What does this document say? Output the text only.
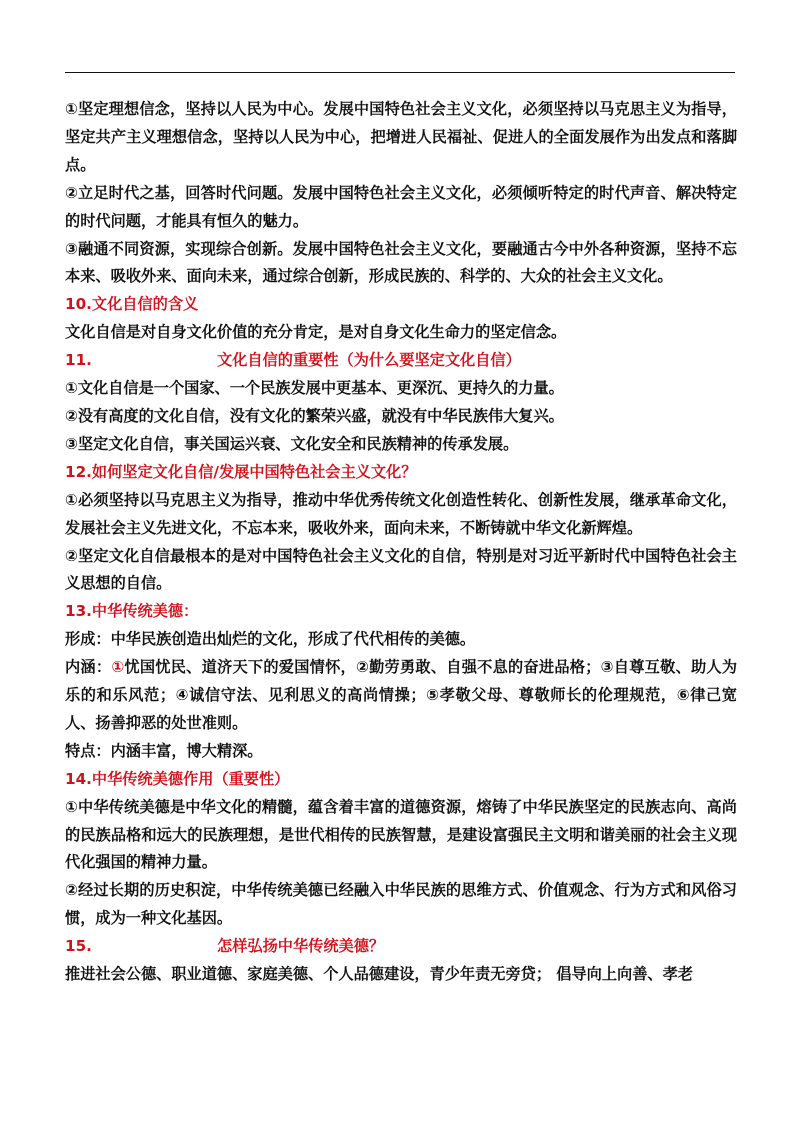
①坚定理想信念，坚持以人民为中心。发展中国特色社会主义文化，必须坚持以马克思主义为指导，坚定共产主义理想信念，坚持以人民为中心，把增进人民福祉、促进人的全面发展作为出发点和落脚点。

②立足时代之基，回答时代问题。发展中国特色社会主义文化，必须倾听特定的时代声音、解决特定的时代问题，才能具有恒久的魅力。

③融通不同资源，实现综合创新。发展中国特色社会主义文化，要融通古今中外各种资源，坚持不忘本来、吸收外来、面向未来，通过综合创新，形成民族的、科学的、大众的社会主义文化。

10.文化自信的含义

文化自信是对自身文化价值的充分肯定，是对自身文化生命力的坚定信念。

11.	文化自信的重要性（为什么要坚定文化自信）

①文化自信是一个国家、一个民族发展中更基本、更深沉、更持久的力量。

②没有高度的文化自信，没有文化的繁荣兴盛，就没有中华民族伟大复兴。

③坚定文化自信，事关国运兴衰、文化安全和民族精神的传承发展。

12.如何坚定文化自信/发展中国特色社会主义文化？

①必须坚持以马克思主义为指导，推动中华优秀传统文化创造性转化、创新性发展，继承革命文化，发展社会主义先进文化，不忘本来，吸收外来，面向未来，不断铸就中华文化新辉煌。

②坚定文化自信最根本的是对中国特色社会主义文化的自信，特别是对习近平新时代中国特色社会主义思想的自信。

13.中华传统美德：

形成：中华民族创造出灿烂的文化，形成了代代相传的美德。

内涵：①忧国忧民、道济天下的爱国情怀，②勤劳勇敢、自强不息的奋进品格；③自尊互敬、助人为乐的和乐风范；④诚信守法、见利思义的高尚情操；⑤孝敬父母、尊敬师长的伦理规范，⑥律己宽人、扬善抑恶的处世准则。

特点：内涵丰富，博大精深。

14.中华传统美德作用（重要性）

①中华传统美德是中华文化的精髓，蕴含着丰富的道德资源，熔铸了中华民族坚定的民族志向、高尚的民族品格和远大的民族理想，是世代相传的民族智慧，是建设富强民主文明和谐美丽的社会主义现代化强国的精神力量。

②经过长期的历史积淀，中华传统美德已经融入中华民族的思维方式、价值观念、行为方式和风俗习惯，成为一种文化基因。

15.	怎样弘扬中华传统美德？

推进社会公德、职业道德、家庭美德、个人品德建设，青少年责无旁贷； 倡导向上向善、孝老
